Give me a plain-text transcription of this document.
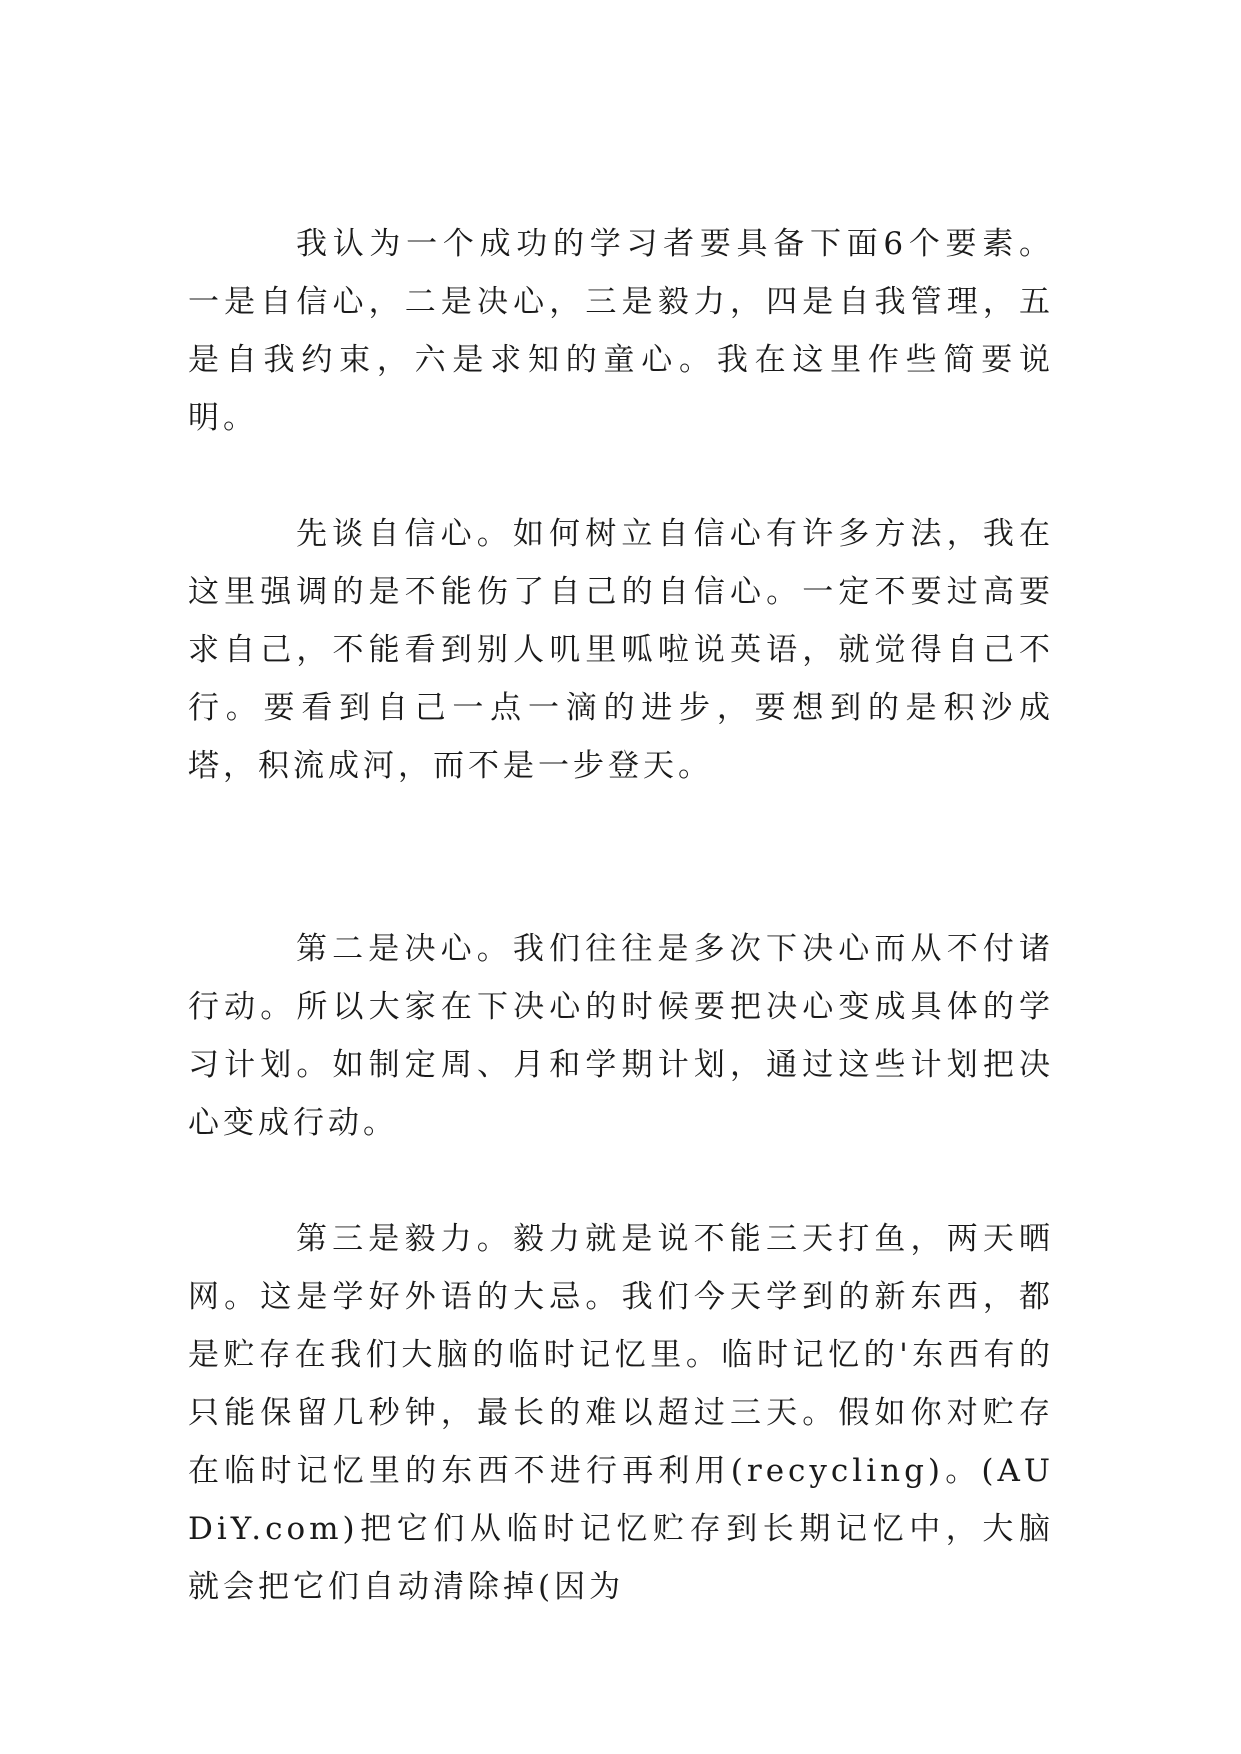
我认为一个成功的学习者要具备下面6个要素。一是自信心，二是决心，三是毅力，四是自我管理，五是自我约束，六是求知的童心。我在这里作些简要说明。

先谈自信心。如何树立自信心有许多方法，我在这里强调的是不能伤了自己的自信心。一定不要过高要求自己，不能看到别人叽里呱啦说英语，就觉得自己不行。要看到自己一点一滴的进步，要想到的是积沙成塔，积流成河，而不是一步登天。

第二是决心。我们往往是多次下决心而从不付诸行动。所以大家在下决心的时候要把决心变成具体的学习计划。如制定周、月和学期计划，通过这些计划把决心变成行动。

第三是毅力。毅力就是说不能三天打鱼，两天晒网。这是学好外语的大忌。我们今天学到的新东西，都是贮存在我们大脑的临时记忆里。临时记忆的'东西有的只能保留几秒钟，最长的难以超过三天。假如你对贮存在临时记忆里的东西不进行再利用(recycling)。(AUDiY.com)把它们从临时记忆贮存到长期记忆中，大脑就会把它们自动清除掉(因为
